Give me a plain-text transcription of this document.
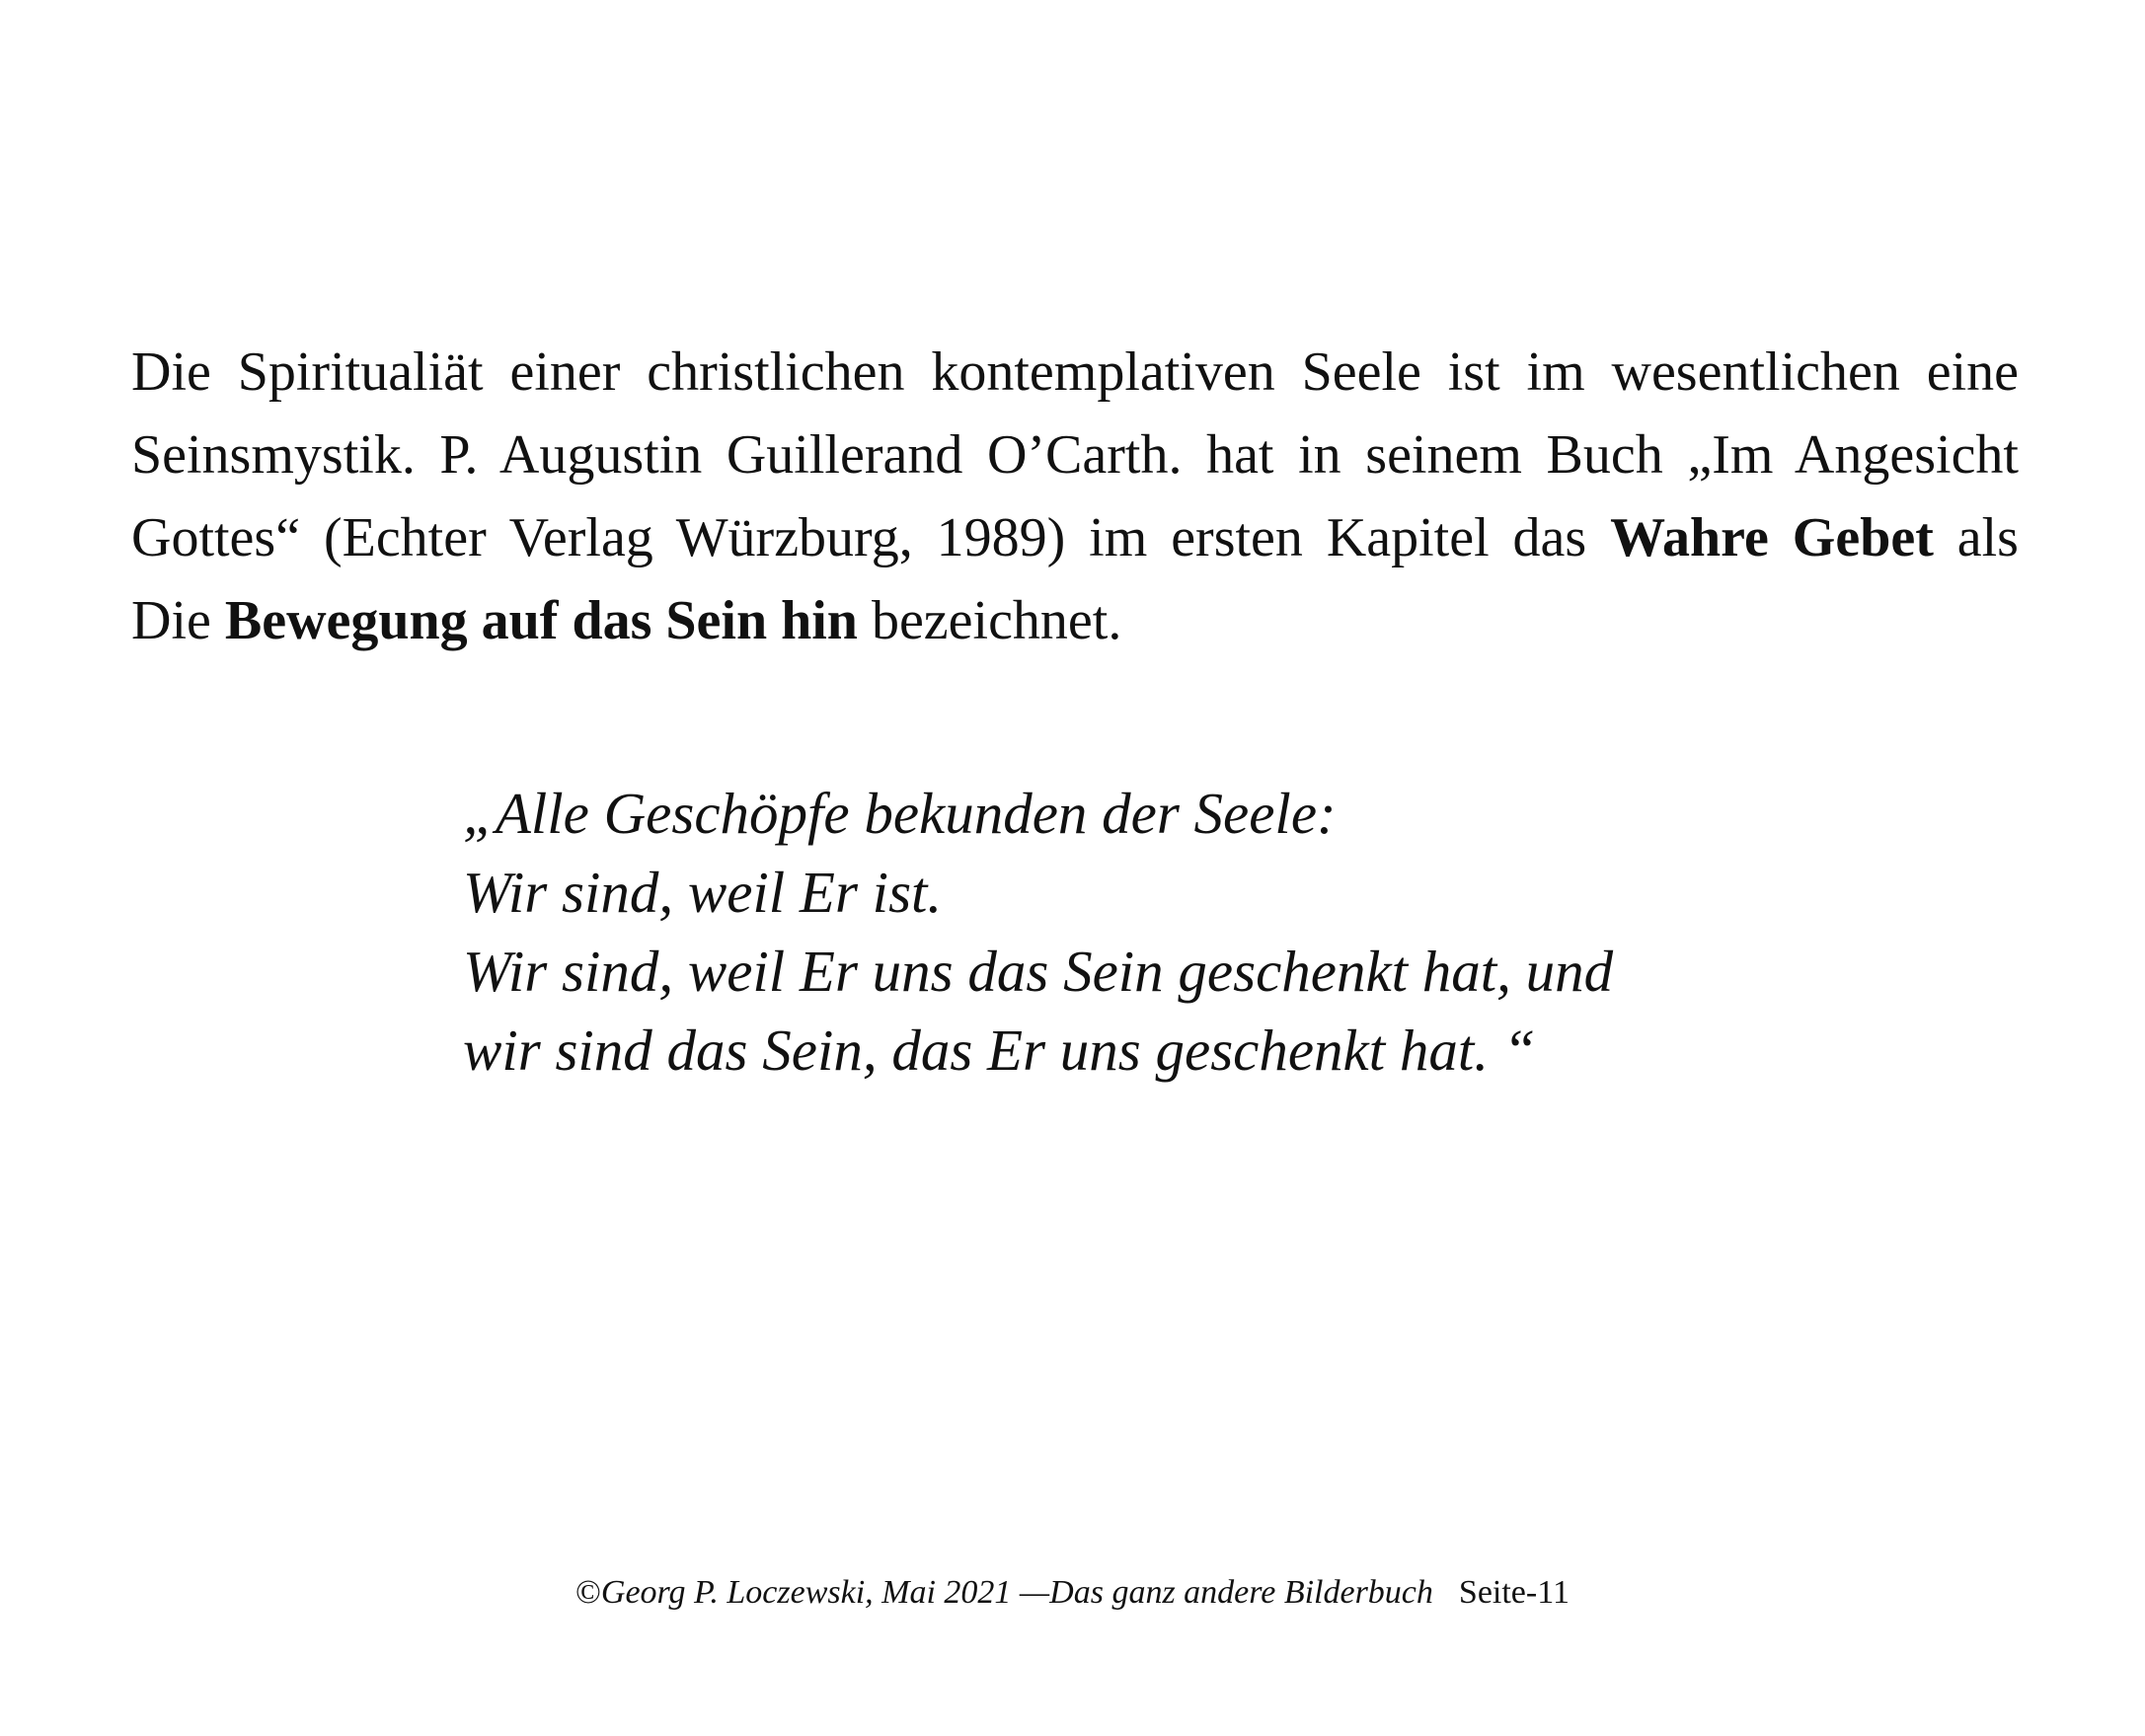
Die Spiritualiät einer christlichen kontemplativen Seele ist im wesentlichen eine
Seinsmystik. P. Augustin Guillerand O’Carth. hat in seinem Buch „Im Angesicht
Gottes“ (Echter Verlag Würzburg, 1989) im ersten Kapitel das Wahre Gebet als
Die Bewegung auf das Sein hin bezeichnet.
„Alle Geschöpfe bekunden der Seele:
Wir sind, weil Er ist.
Wir sind, weil Er uns das Sein geschenkt hat, und
wir sind das Sein, das Er uns geschenkt hat. “
©Georg P. Loczewski, Mai 2021 —Das ganz andere Bilderbuch Seite-11
